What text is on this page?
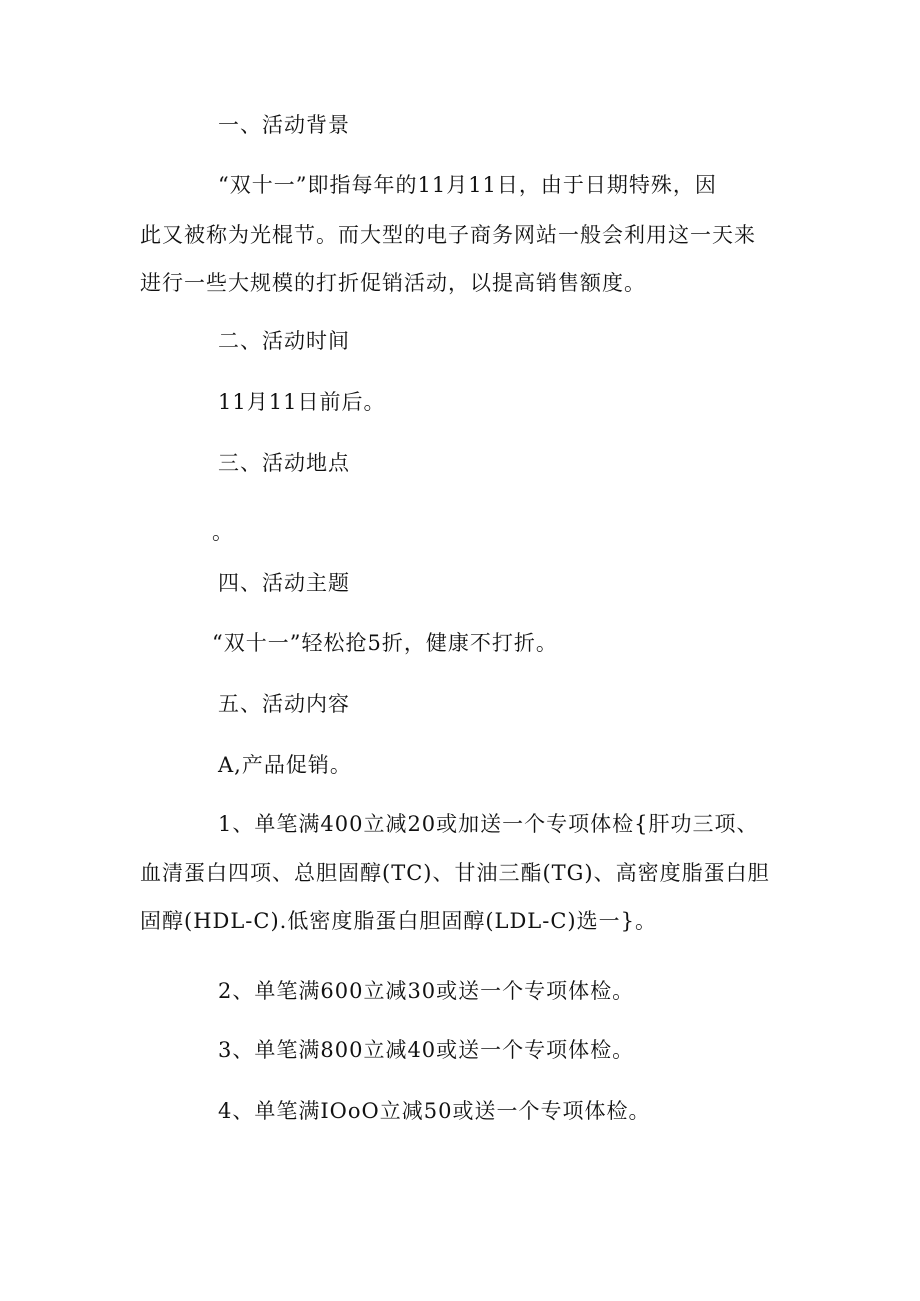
一、活动背景
“双十一”即指每年的11月11日，由于日期特殊，因
此又被称为光棍节。而大型的电子商务网站一般会利用这一天来
进行一些大规模的打折促销活动，以提高销售额度。
二、活动时间
11月11日前后。
三、活动地点
。
四、活动主题
“双十一”轻松抢5折，健康不打折。
五、活动内容
A,产品促销。
1、单笔满400立减20或加送一个专项体检{肝功三项、
血清蛋白四项、总胆固醇(TC)、甘油三酯(TG)、高密度脂蛋白胆
固醇(HDL-C).低密度脂蛋白胆固醇(LDL-C)选一}。
2、单笔满600立减30或送一个专项体检。
3、单笔满800立减40或送一个专项体检。
4、单笔满IOoO立减50或送一个专项体检。
